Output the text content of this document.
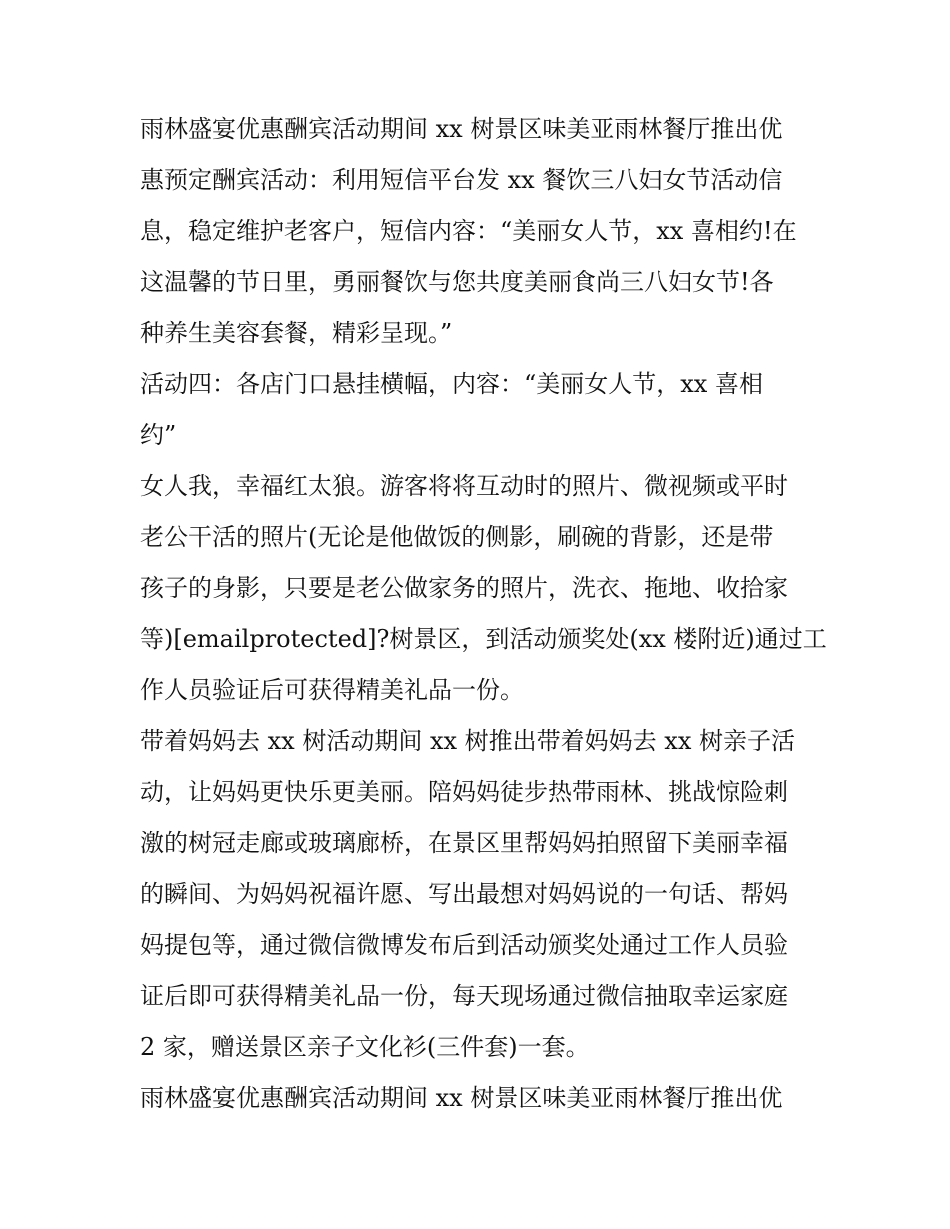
雨林盛宴优惠酬宾活动期间 xx 树景区味美亚雨林餐厅推出优
惠预定酬宾活动：利用短信平台发 xx 餐饮三八妇女节活动信
息，稳定维护老客户，短信内容：“美丽女人节，xx 喜相约!在
这温馨的节日里，勇丽餐饮与您共度美丽食尚三八妇女节!各
种养生美容套餐，精彩呈现。”
活动四：各店门口悬挂横幅，内容：“美丽女人节，xx 喜相
约”
女人我，幸福红太狼。游客将将互动时的照片、微视频或平时
老公干活的照片(无论是他做饭的侧影，刷碗的背影，还是带
孩子的身影，只要是老公做家务的照片，洗衣、拖地、收拾家
等)[emailprotected]?树景区，到活动颁奖处(xx 楼附近)通过工
作人员验证后可获得精美礼品一份。
带着妈妈去 xx 树活动期间 xx 树推出带着妈妈去 xx 树亲子活
动，让妈妈更快乐更美丽。陪妈妈徒步热带雨林、挑战惊险刺
激的树冠走廊或玻璃廊桥，在景区里帮妈妈拍照留下美丽幸福
的瞬间、为妈妈祝福许愿、写出最想对妈妈说的一句话、帮妈
妈提包等，通过微信微博发布后到活动颁奖处通过工作人员验
证后即可获得精美礼品一份，每天现场通过微信抽取幸运家庭
2 家，赠送景区亲子文化衫(三件套)一套。
雨林盛宴优惠酬宾活动期间 xx 树景区味美亚雨林餐厅推出优
